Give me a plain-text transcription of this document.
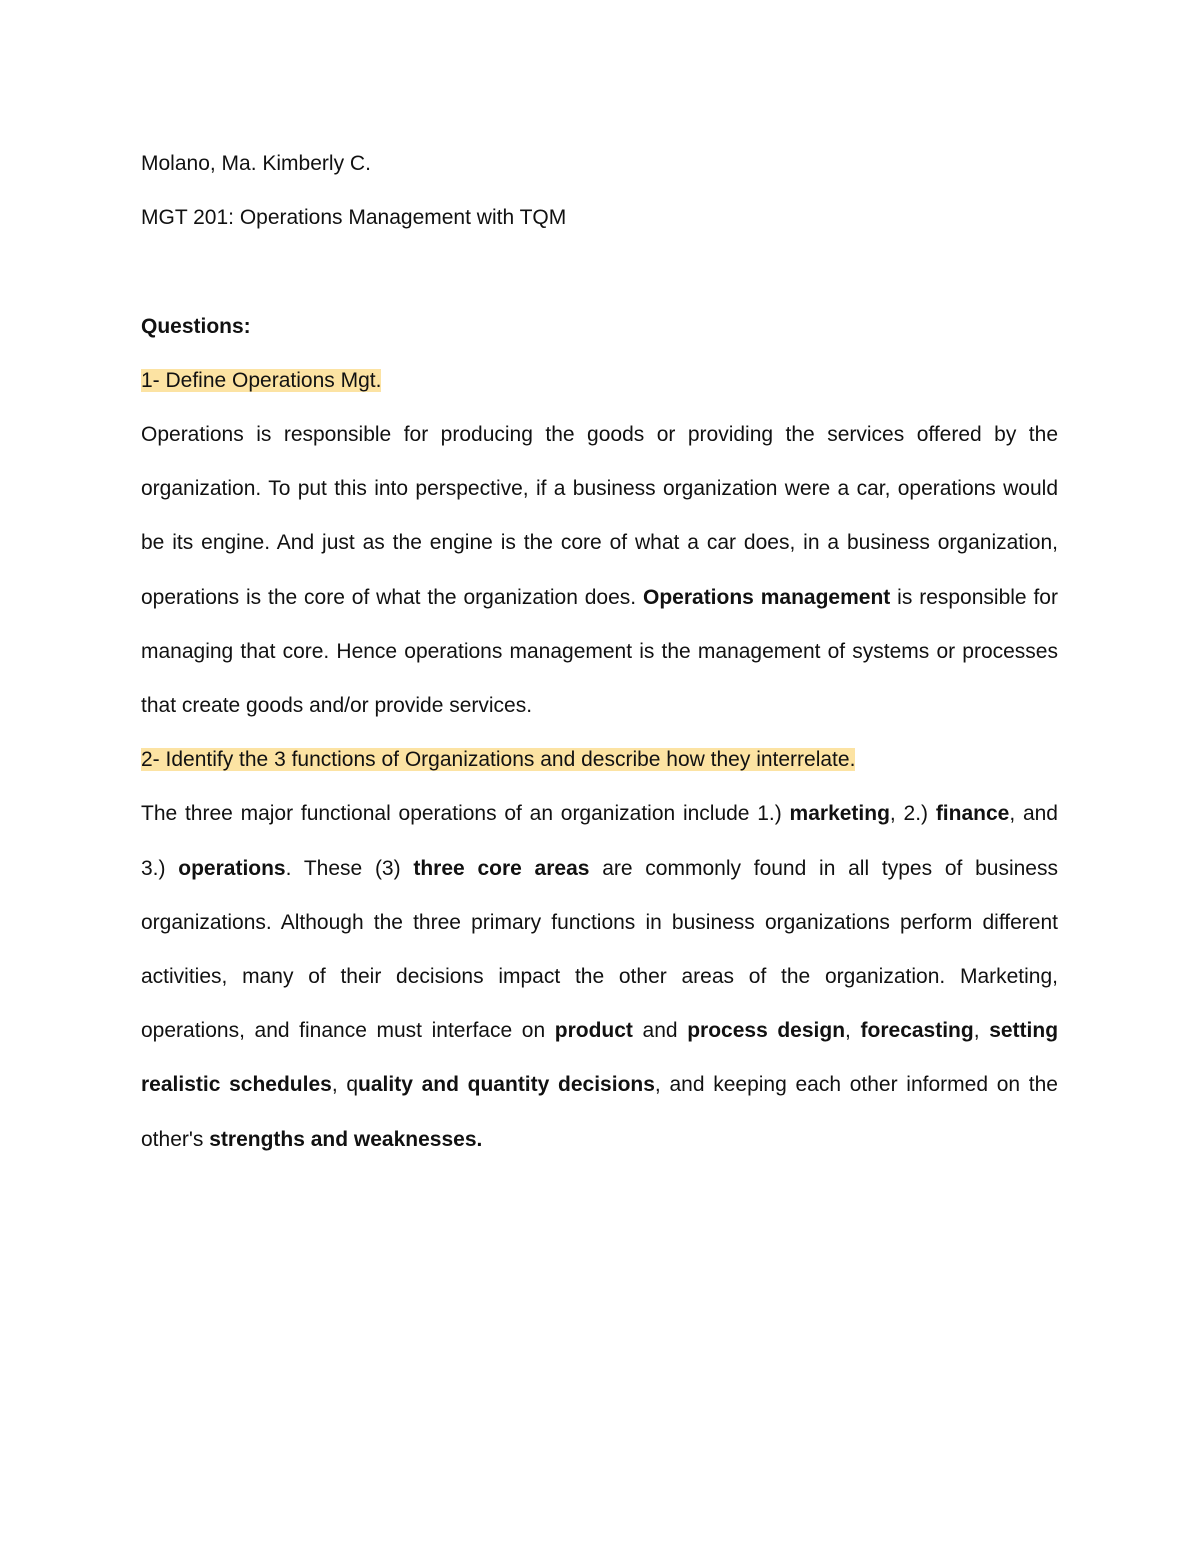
Molano, Ma. Kimberly C.

MGT 201: Operations Management with TQM

Questions:

1- Define Operations Mgt.

Operations is responsible for producing the goods or providing the services offered by the organization. To put this into perspective, if a business organization were a car, operations would be its engine. And just as the engine is the core of what a car does, in a business organization, operations is the core of what the organization does. Operations management is responsible for managing that core. Hence operations management is the management of systems or processes that create goods and/or provide services.

2- Identify the 3 functions of Organizations and describe how they interrelate.

The three major functional operations of an organization include 1.) marketing, 2.) finance, and 3.) operations. These (3) three core areas are commonly found in all types of business organizations. Although the three primary functions in business organizations perform different activities, many of their decisions impact the other areas of the organization. Marketing, operations, and finance must interface on product and process design, forecasting, setting realistic schedules, quality and quantity decisions, and keeping each other informed on the other's strengths and weaknesses.
